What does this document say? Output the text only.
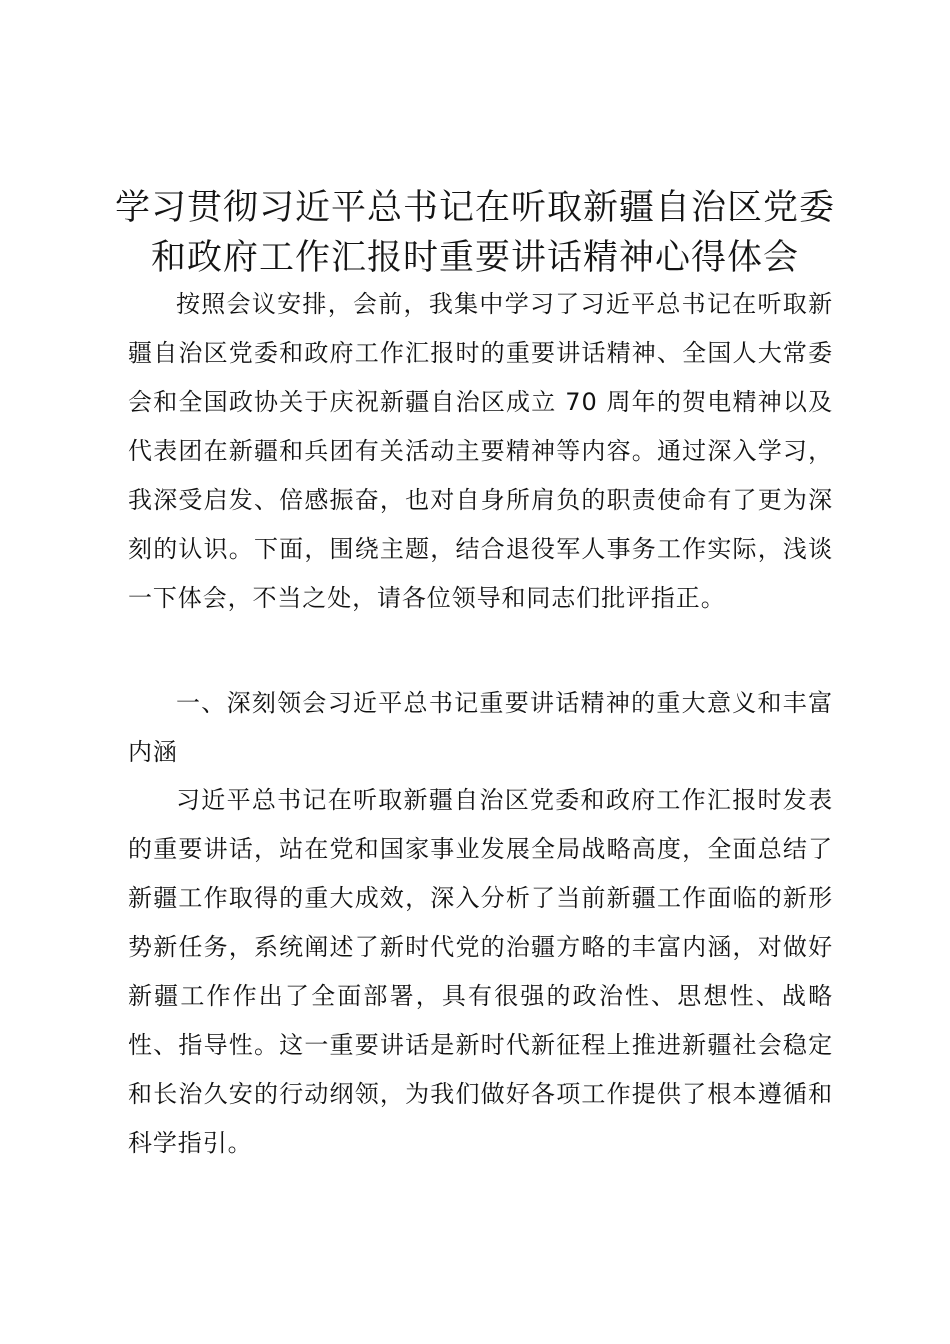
学习贯彻习近平总书记在听取新疆自治区党委
和政府工作汇报时重要讲话精神心得体会

按照会议安排，会前，我集中学习了习近平总书记在听取新疆自治区党委和政府工作汇报时的重要讲话精神、全国人大常委会和全国政协关于庆祝新疆自治区成立 70 周年的贺电精神以及代表团在新疆和兵团有关活动主要精神等内容。通过深入学习，我深受启发、倍感振奋，也对自身所肩负的职责使命有了更为深刻的认识。下面，围绕主题，结合退役军人事务工作实际，浅谈一下体会，不当之处，请各位领导和同志们批评指正。

一、深刻领会习近平总书记重要讲话精神的重大意义和丰富内涵

习近平总书记在听取新疆自治区党委和政府工作汇报时发表的重要讲话，站在党和国家事业发展全局战略高度，全面总结了新疆工作取得的重大成效，深入分析了当前新疆工作面临的新形势新任务，系统阐述了新时代党的治疆方略的丰富内涵，对做好新疆工作作出了全面部署，具有很强的政治性、思想性、战略性、指导性。这一重要讲话是新时代新征程上推进新疆社会稳定和长治久安的行动纲领，为我们做好各项工作提供了根本遵循和科学指引。
